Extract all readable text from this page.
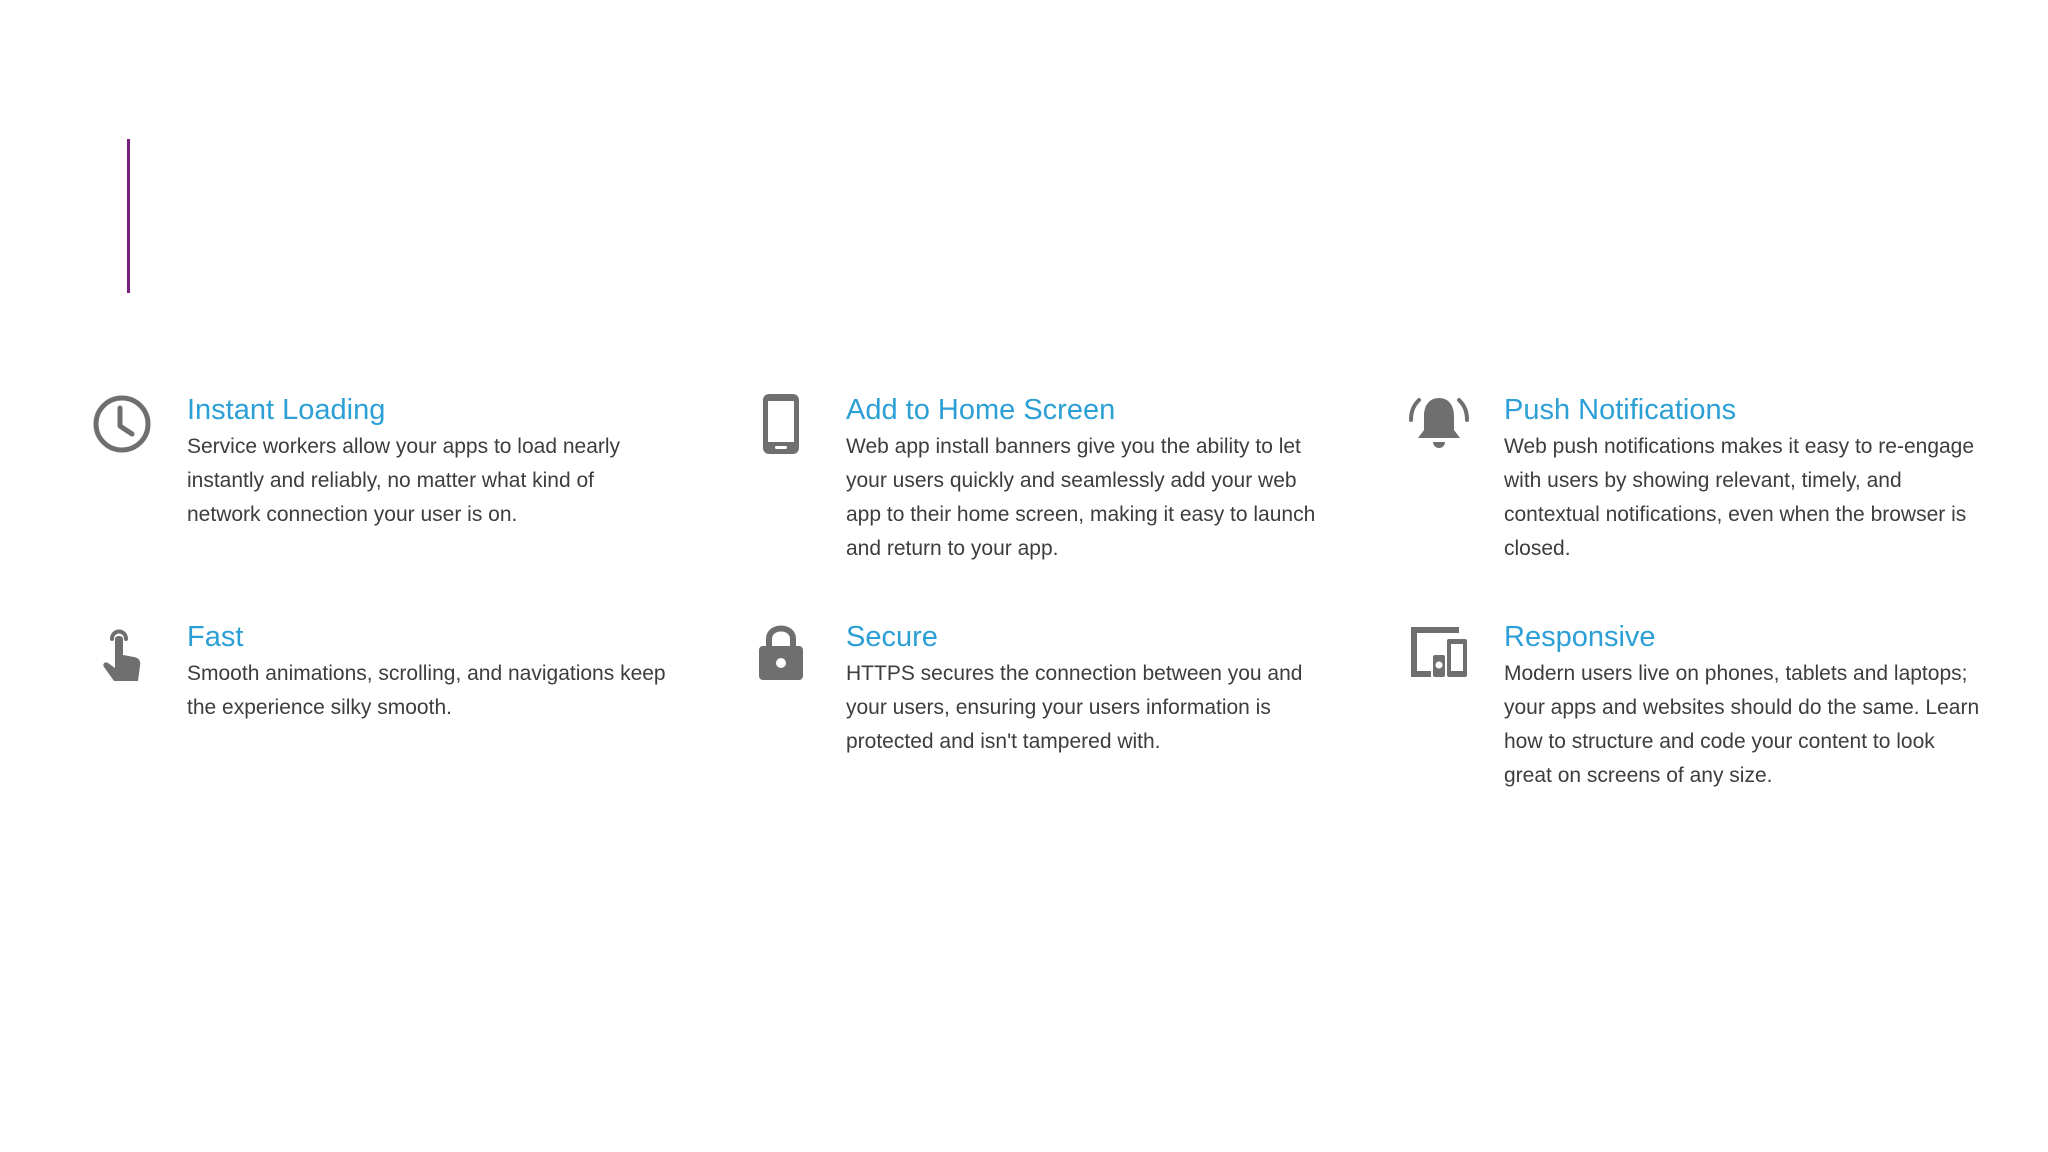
Instant Loading

Service workers allow your apps to load nearly instantly and reliably, no matter what kind of network connection your user is on.

Add to Home Screen

Web app install banners give you the ability to let your users quickly and seamlessly add your web app to their home screen, making it easy to launch and return to your app.

Push Notifications

Web push notifications makes it easy to re-engage with users by showing relevant, timely, and contextual notifications, even when the browser is closed.

Fast

Smooth animations, scrolling, and navigations keep the experience silky smooth.

Secure

HTTPS secures the connection between you and your users, ensuring your users information is protected and isn't tampered with.

Responsive

Modern users live on phones, tablets and laptops; your apps and websites should do the same. Learn how to structure and code your content to look great on screens of any size.
